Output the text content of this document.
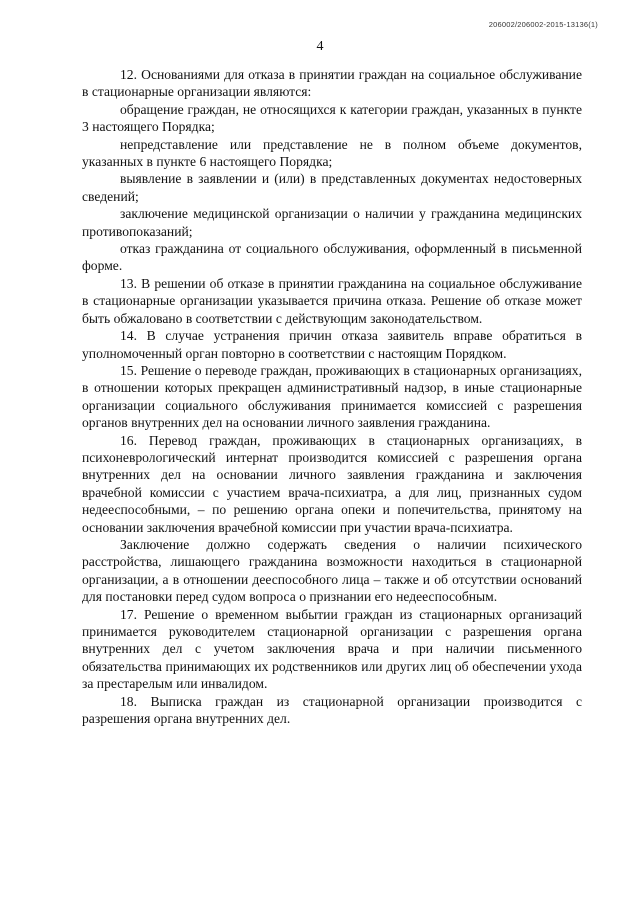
206002/206002-2015-13136(1)
4

12. Основаниями для отказа в принятии граждан на социальное обслуживание в стационарные организации являются:

обращение граждан, не относящихся к категории граждан, указанных в пункте 3 настоящего Порядка;

непредставление или представление не в полном объеме документов, указанных в пункте 6 настоящего Порядка;

выявление в заявлении и (или) в представленных документах недостоверных сведений;

заключение медицинской организации о наличии у гражданина медицинских противопоказаний;

отказ гражданина от социального обслуживания, оформленный в письменной форме.

13. В решении об отказе в принятии гражданина на социальное обслуживание в стационарные организации указывается причина отказа. Решение об отказе может быть обжаловано в соответствии с действующим законодательством.

14. В случае устранения причин отказа заявитель вправе обратиться в уполномоченный орган повторно в соответствии с настоящим Порядком.

15. Решение о переводе граждан, проживающих в стационарных организациях, в отношении которых прекращен административный надзор, в иные стационарные организации социального обслуживания принимается комиссией с разрешения органов внутренних дел на основании личного заявления гражданина.

16. Перевод граждан, проживающих в стационарных организациях, в психоневрологический интернат производится комиссией с разрешения органа внутренних дел на основании личного заявления гражданина и заключения врачебной комиссии с участием врача-психиатра, а для лиц, признанных судом недееспособными, – по решению органа опеки и попечительства, принятому на основании заключения врачебной комиссии при участии врача-психиатра.

Заключение должно содержать сведения о наличии психического расстройства, лишающего гражданина возможности находиться в стационарной организации, а в отношении дееспособного лица – также и об отсутствии оснований для постановки перед судом вопроса о признании его недееспособным.

17. Решение о временном выбытии граждан из стационарных организаций принимается руководителем стационарной организации с разрешения органа внутренних дел с учетом заключения врача и при наличии письменного обязательства принимающих их родственников или других лиц об обеспечении ухода за престарелым или инвалидом.

18. Выписка граждан из стационарной организации производится с разрешения органа внутренних дел.
